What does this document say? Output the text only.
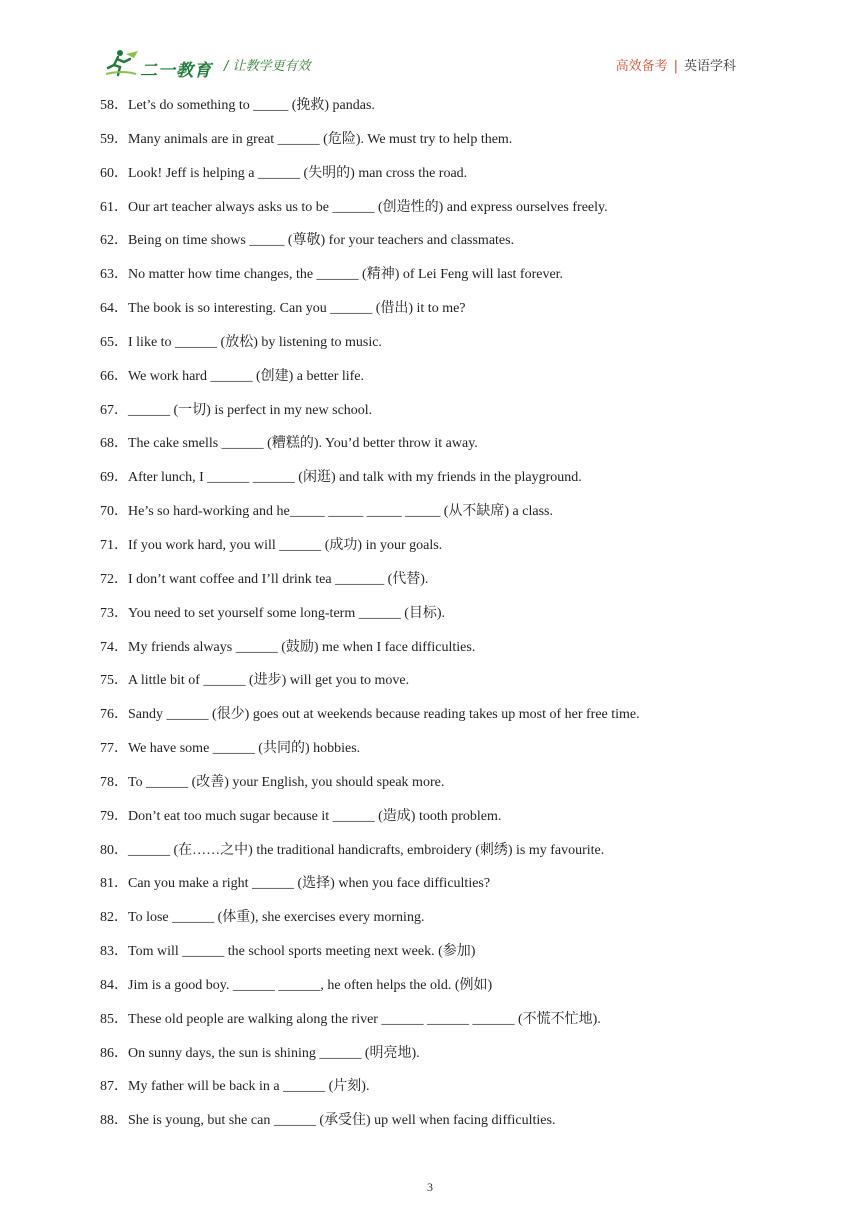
二一教育 / 让教学更有效	高效备考 | 英语学科
58．Let’s do something to _____ (挽救) pandas.
59．Many animals are in great ______ (危险). We must try to help them.
60．Look! Jeff is helping a ______ (失明的) man cross the road.
61．Our art teacher always asks us to be ______ (创造性的) and express ourselves freely.
62．Being on time shows _____ (尊敬) for your teachers and classmates.
63．No matter how time changes, the ______ (精神) of Lei Feng will last forever.
64．The book is so interesting. Can you ______ (借出) it to me?
65．I like to ______ (放松) by listening to music.
66．We work hard ______ (创建) a better life.
67．______ (一切) is perfect in my new school.
68．The cake smells ______ (糟糕的). You’d better throw it away.
69．After lunch, I ______ ______ (闲逛) and talk with my friends in the playground.
70．He’s so hard-working and he_____ _____ _____ _____ (从不缺席) a class.
71．If you work hard, you will ______ (成功) in your goals.
72．I don’t want coffee and I’ll drink tea _______ (代替).
73．You need to set yourself some long-term ______ (目标).
74．My friends always ______ (鼓励) me when I face difficulties.
75．A little bit of ______ (进步) will get you to move.
76．Sandy ______ (很少) goes out at weekends because reading takes up most of her free time.
77．We have some ______ (共同的) hobbies.
78．To ______ (改善) your English, you should speak more.
79．Don’t eat too much sugar because it ______ (造成) tooth problem.
80．______ (在……之中) the traditional handicrafts, embroidery (刺绣) is my favourite.
81．Can you make a right ______ (选择) when you face difficulties?
82．To lose ______ (体重), she exercises every morning.
83．Tom will ______ the school sports meeting next week. (参加)
84．Jim is a good boy. ______ ______, he often helps the old. (例如)
85．These old people are walking along the river ______ ______ ______ (不慌不忙地).
86．On sunny days, the sun is shining ______ (明亮地).
87．My father will be back in a ______ (片刻).
88．She is young, but she can ______ (承受住) up well when facing difficulties.
3
